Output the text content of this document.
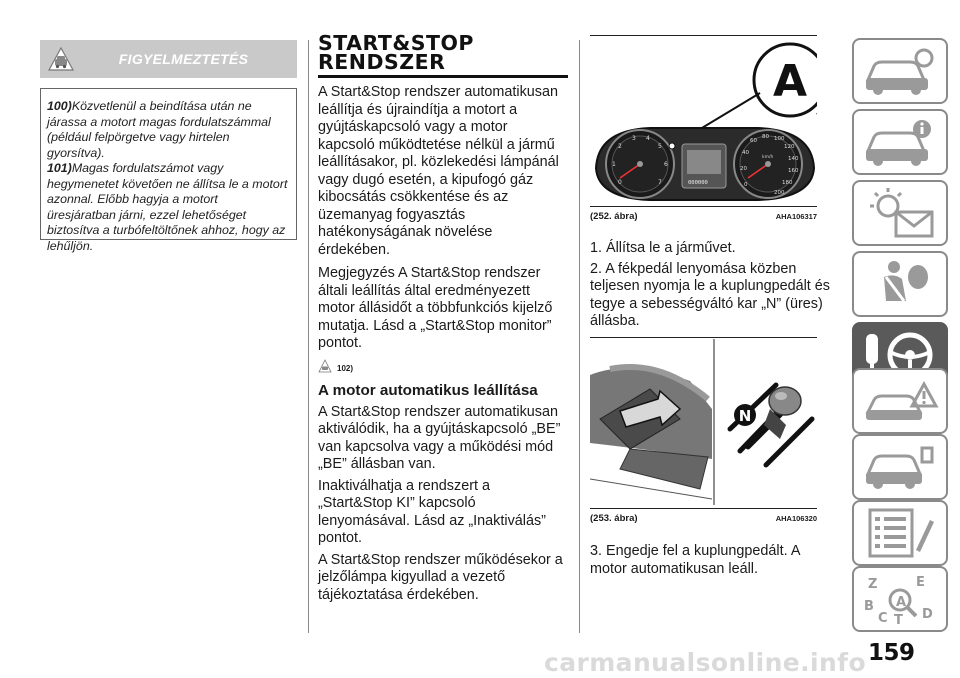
FIGYELMEZTETÉS
100)Közvetlenül a beindítása után ne járassa a motort magas fordulatszámmal (például felpörgetve vagy hirtelen gyorsítva).
101)Magas fordulatszámot vagy hegymenetet követően ne állítsa le a motort azonnal. Előbb hagyja a motort üresjáratban járni, ezzel lehetőséget biztosítva a turbófeltöltőnek ahhoz, hogy az lehűljön.
START&STOP
RENDSZER

A Start&Stop rendszer automatikusan leállítja és újraindítja a motort a gyújtáskapcsoló vagy a motor kapcsoló működtetése nélkül a jármű leállításakor, pl. közlekedési lámpánál vagy dugó esetén, a kipufogó gáz kibocsátás csökkentése és az üzemanyag fogyasztás hatékonyságának növelése érdekében.

Megjegyzés A Start&Stop rendszer általi leállítás által eredményezett motor állásidőt a többfunkciós kijelző mutatja. Lásd a „Start&Stop monitor” pontot.

102)
A motor automatikus leállítása

A Start&Stop rendszer automatikusan aktiválódik, ha a gyújtáskapcsoló „BE” van kapcsolva vagy a működési mód „BE” állásban van.

Inaktiválhatja a rendszert a „Start&Stop KI” kapcsoló lenyomásával. Lásd az „Inaktiválás” pontot.

A Start&Stop rendszer működésekor a jelzőlámpa kigyullad a vezető tájékoztatása érdekében.

A
0
1
2
3 4
5
6
7	0
20
40
60
80 100
120
140
160
180
200
km/h
000000
(252. ábra)	AHA106317

1. Állítsa le a járművet.

2. A fékpedál lenyomása közben teljesen nyomja le a kuplungpedált és tegye a sebességváltó kar „N” (üres) állásba.

N
(253. ábra)	AHA106320

3. Engedje fel a kuplungpedált. A motor automatikusan leáll.

Z	E
B A
C T D
carmanualsonline.info 159
